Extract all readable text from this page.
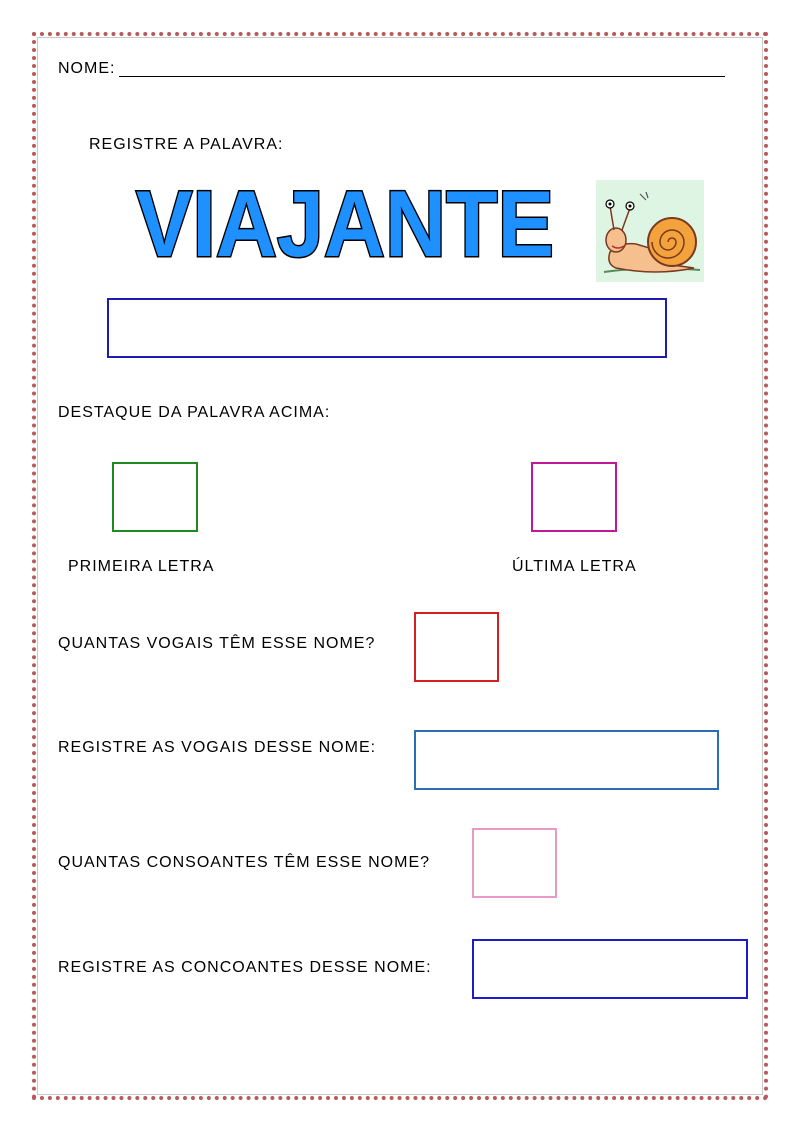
NOME:
REGISTRE A PALAVRA:
VIAJANTE
DESTAQUE DA PALAVRA ACIMA:
PRIMEIRA LETRA	ÚLTIMA LETRA
QUANTAS VOGAIS TÊM ESSE NOME?
REGISTRE AS VOGAIS DESSE NOME:
QUANTAS CONSOANTES TÊM ESSE NOME?
REGISTRE AS CONCOANTES DESSE NOME:
